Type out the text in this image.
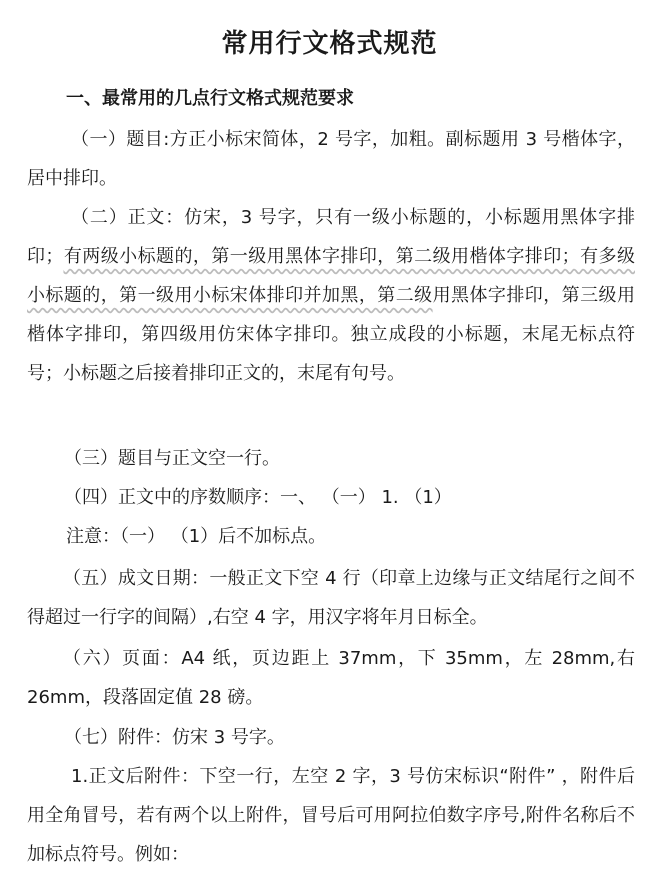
常用行文格式规范
一、最常用的几点行文格式规范要求

（一）题目:方正小标宋简体，2 号字，加粗。副标题用 3 号楷体字，居中排印。

（二）正文：仿宋，3 号字，只有一级小标题的，小标题用黑体字排印；有两级小标题的，第一级用黑体字排印，第二级用楷体字排印；有多级小标题的，第一级用小标宋体排印并加黑，第二级用黑体字排印，第三级用楷体字排印，第四级用仿宋体字排印。独立成段的小标题，末尾无标点符号；小标题之后接着排印正文的，末尾有句号。

（三）题目与正文空一行。
（四）正文中的序数顺序：一、 （一） 1. （1）
注意：（一） （1）后不加标点。

（五）成文日期：一般正文下空 4 行（印章上边缘与正文结尾行之间不得超过一行字的间隔）,右空 4 字，用汉字将年月日标全。

（六）页面：A4 纸，页边距上 37mm，下 35mm，左 28mm,右 26mm，段落固定值 28 磅。

（七）附件：仿宋 3 号字。

1.正文后附件：下空一行，左空 2 字，3 号仿宋标识“附件” ，附件后用全角冒号，若有两个以上附件，冒号后可用阿拉伯数字序号,附件名称后不加标点符号。例如：
